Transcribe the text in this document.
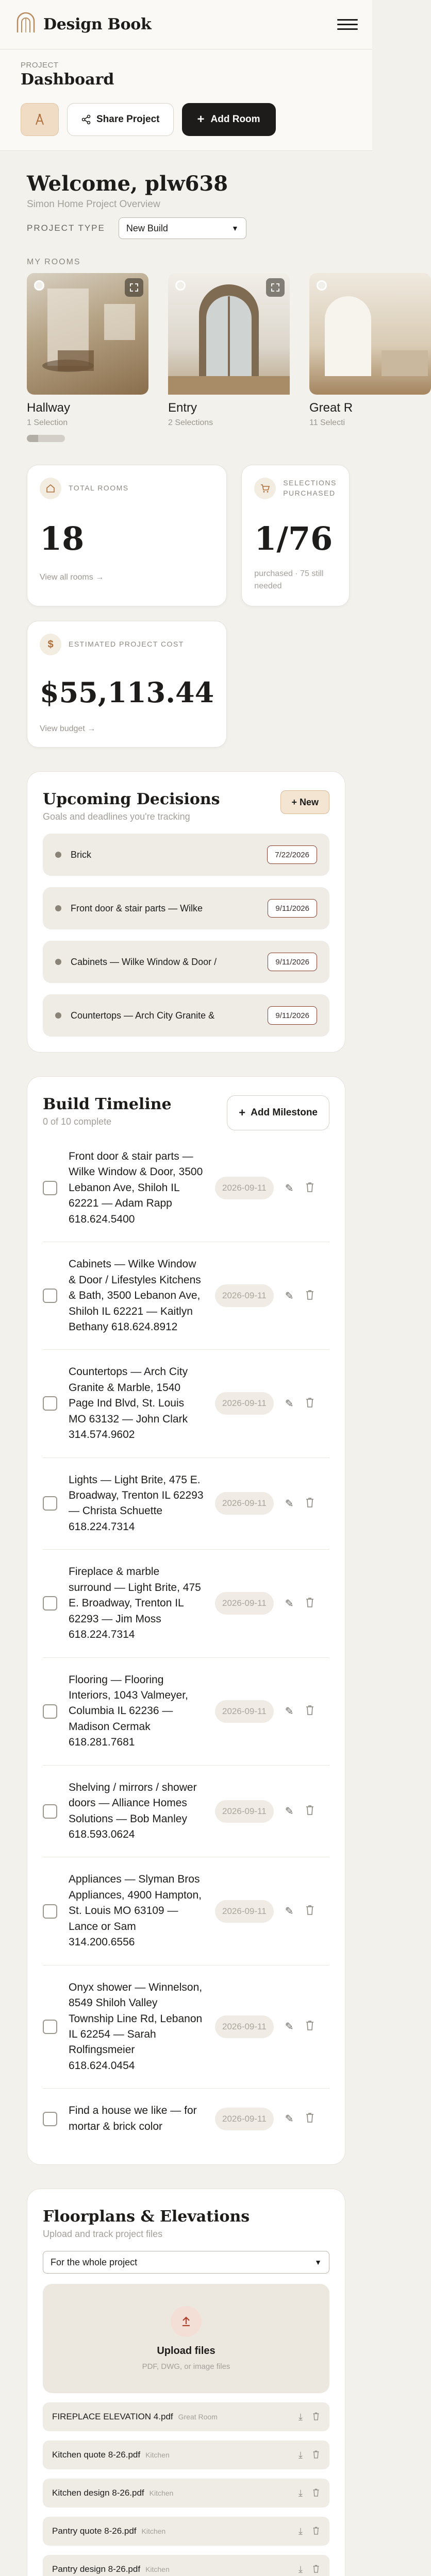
Design Book
PROJECT
Dashboard
Share Project	+ Add Room
Welcome, plw638
Simon Home Project Overview
PROJECT TYPE New Build	▼
MY ROOMS
Hallway
1 Selection
Entry
2 Selections
Great R
11 Selecti
TOTAL ROOMS
18
View all rooms →
SELECTIONS PURCHASED
1/76
purchased · 75 still needed
$ ESTIMATED PROJECT COST
$55,113.44
View budget →
Upcoming Decisions
Goals and deadlines you're tracking
+ New
Brick	7/22/2026
Front door & stair parts — Wilke	9/11/2026
Cabinets — Wilke Window & Door /	9/11/2026
Countertops — Arch City Granite &	9/11/2026
Build Timeline
0 of 10 complete
+ Add Milestone
Front door & stair parts — Wilke Window & Door, 3500 Lebanon Ave, Shiloh IL 62221 — Adam Rapp 618.624.5400
2026-09-11	✎
Cabinets — Wilke Window & Door / Lifestyles Kitchens & Bath, 3500 Lebanon Ave, Shiloh IL 62221 — Kaitlyn Bethany 618.624.8912
2026-09-11	✎
Countertops — Arch City Granite & Marble, 1540 Page Ind Blvd, St. Louis MO 63132 — John Clark 314.574.9602
2026-09-11	✎
Lights — Light Brite, 475 E. Broadway, Trenton IL 62293 — Christa Schuette 618.224.7314
2026-09-11	✎
Fireplace & marble surround — Light Brite, 475 E. Broadway, Trenton IL 62293 — Jim Moss 618.224.7314
2026-09-11	✎
Flooring — Flooring Interiors, 1043 Valmeyer, Columbia IL 62236 — Madison Cermak 618.281.7681
2026-09-11	✎
Shelving / mirrors / shower doors — Alliance Homes Solutions — Bob Manley 618.593.0624
2026-09-11	✎
Appliances — Slyman Bros Appliances, 4900 Hampton, St. Louis MO 63109 — Lance or Sam 314.200.6556
2026-09-11	✎
Onyx shower — Winnelson, 8549 Shiloh Valley Township Line Rd, Lebanon IL 62254 — Sarah Rolfingsmeier 618.624.0454
2026-09-11	✎
Find a house we like — for mortar & brick color
2026-09-11	✎
Floorplans & Elevations
Upload and track project files
For the whole project	▼
Upload files
PDF, DWG, or image files
FIREPLACE ELEVATION 4.pdf Great Room	⤓
Kitchen quote 8-26.pdf Kitchen	⤓
Kitchen design 8-26.pdf Kitchen	⤓
Pantry quote 8-26.pdf Kitchen	⤓
Pantry design 8-26.pdf Kitchen	⤓
